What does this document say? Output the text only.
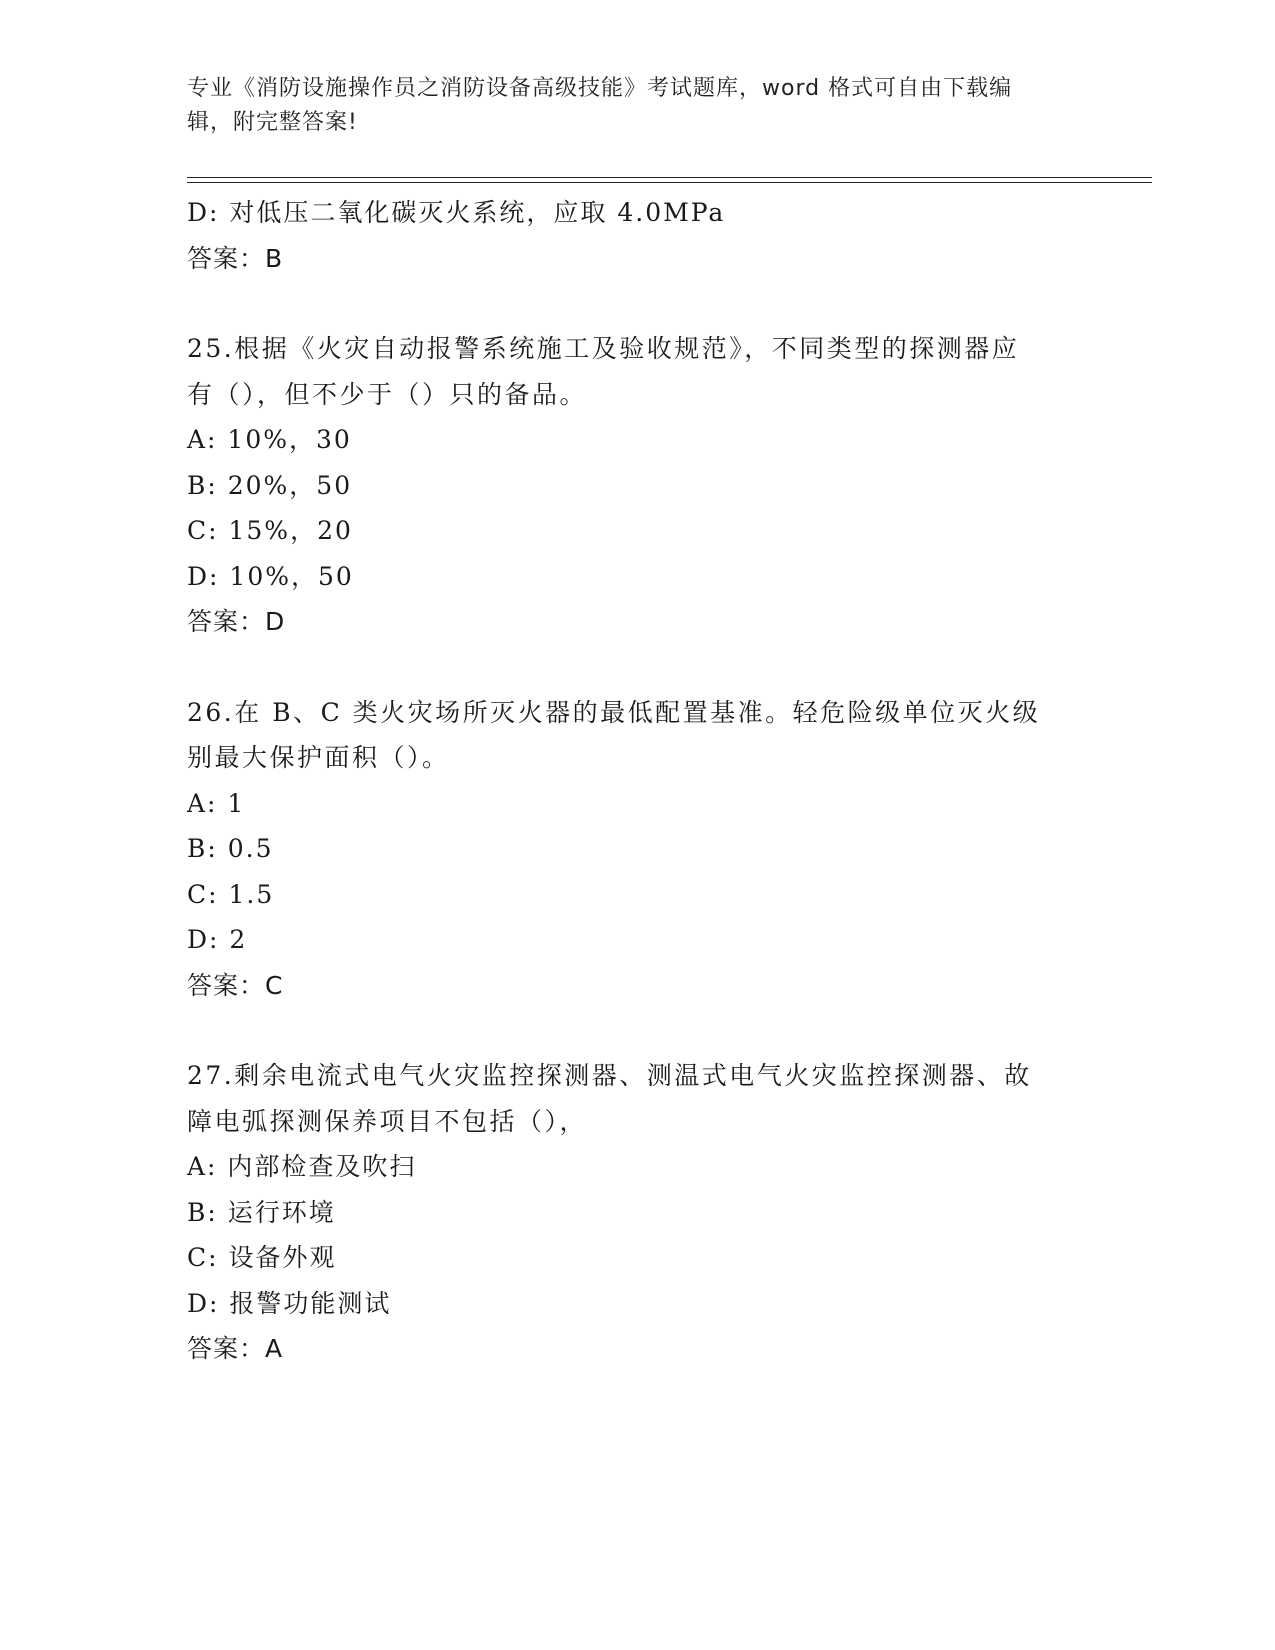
专业《消防设施操作员之消防设备高级技能》考试题库，word 格式可自由下载编
辑，附完整答案!
D: 对低压二氧化碳灭火系统，应取 4.0MPa
答案：B
25.根据《火灾自动报警系统施工及验收规范》，不同类型的探测器应
有（），但不少于（）只的备品。
A: 10%，30
B: 20%，50
C: 15%，20
D: 10%，50
答案：D
26.在 B、C 类火灾场所灭火器的最低配置基准。轻危险级单位灭火级
别最大保护面积（）。
A: 1
B: 0.5
C: 1.5
D: 2
答案：C
27.剩余电流式电气火灾监控探测器、测温式电气火灾监控探测器、故
障电弧探测保养项目不包括（），
A: 内部检查及吹扫
B: 运行环境
C: 设备外观
D: 报警功能测试
答案：A
